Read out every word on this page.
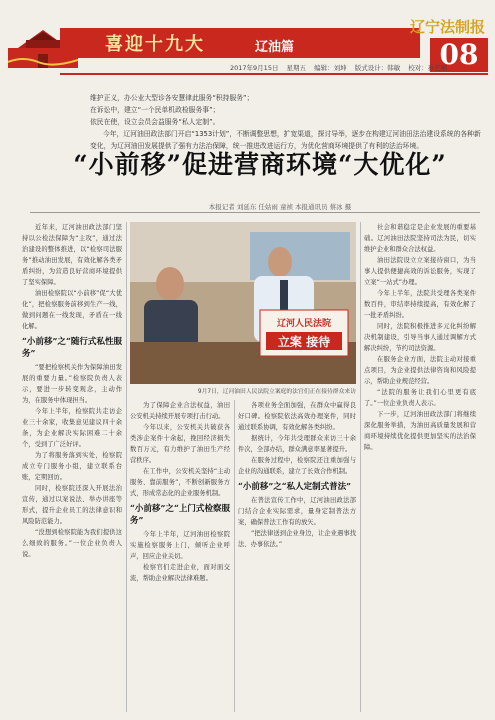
喜迎十九大	辽油篇
辽宁法制报
08
2017年9月15日 星期五 编辑：刘坤 版式设计：韩敏 校对：孙艺晰

维护正义，办公业大型诊各安慧律此服务“积持服务”；

在诉讼中，建立“一个民单机政检服务事”；

依民在使，设立会员会益服务“私人定制”。

今年，辽河油田政法部门开启“1353计划”，不断调整思想，扩宽渠道，探讨导举，逐步在构建辽河油田法治建设系统的各种新变化，为辽河油田发展提供了强有力法治保障，统一推进改进运行方，为优化营商环境提供了有利的法治环境。

“小前移”促进营商环境“大优化”
本报记者 刘延东 任姑雨 童祯 本报通讯员 蔡冰 摄
辽河人民法院
立案 接待
9月7日，辽河油田人民法院立案庭的法官们正在接待群众来访

近年来，辽河油田政法部门坚持以公检法保障为“主攻”，通过法治建设的整体推进，以“检察司法服务”推动油田发展，有效化解各类矛盾纠纷，为营造良好营商环境提供了坚实保障。

油田检察院以“小前移”促“大优化”，把检察服务前移到生产一线，做到问题在一线发现，矛盾在一线化解。

“小前移”之“随行式私性服务”

“要把检察机关作为保障油田发展的重要力量。”检察院负责人表示，要进一步转变观念，主动作为，在服务中体现担当。

今年上半年，检察院共走访企业三十余家，收集意见建议四十余条，为企业解决实际困难二十余个，受到了广泛好评。

为了将服务落到实处，检察院成立专门服务小组，建立联系台账，定期回访。

同时，检察院还深入开展法治宣传，通过以案说法、举办讲座等形式，提升企业员工的法律意识和风险防范能力。

“没想到检察院能为我们提供这么细致的服务。”一位企业负责人说。

为了保障企业合法权益，油田公安机关持续开展专项打击行动。

今年以来，公安机关共破获各类涉企案件十余起，挽回经济损失数百万元，有力维护了油田生产经营秩序。

在工作中，公安机关坚持“主动服务、靠前服务”，不断创新服务方式，形成常态化的企业服务机制。

“小前移”之“上门式检察服务”

今年上半年，辽河油田检察院实施检察服务上门，倾听企业呼声，回应企业关切。

检察官们走进企业，面对面交流，帮助企业解决法律难题。

各项业务全面加强，在群众中赢得良好口碑。检察院依法高效办理案件，同时通过联系协调，有效化解各类纠纷。

据统计，今年共受理群众来访三十余件次，全部办结，群众满意率显著提升。

在服务过程中，检察院还注重加强与企业的沟通联系，建立了长效合作机制。

“小前移”之“私人定制式普法”

在普法宣传工作中，辽河油田政法部门结合企业实际需求，量身定制普法方案，确保普法工作有的放矢。

“把法律送到企业身边，让企业遇事找法、办事依法。”

社会和谐稳定是企业发展的重要基础。辽河油田法院坚持司法为民，切实维护企业和群众合法权益。

油田法院设立立案接待窗口，为当事人提供便捷高效的诉讼服务，实现了立案“一站式”办理。

今年上半年，法院共受理各类案件数百件，审结率持续提高，有效化解了一批矛盾纠纷。

同时，法院积极推进多元化纠纷解决机制建设，引导当事人通过调解方式解决纠纷，节约司法资源。

在服务企业方面，法院主动对接重点项目，为企业提供法律咨询和风险提示，帮助企业规范经营。

“法院的服务让我们心里更有底了。”一位企业负责人表示。

下一步，辽河油田政法部门将继续深化服务举措，为油田高质量发展和营商环境持续优化提供更加坚实的法治保障。
